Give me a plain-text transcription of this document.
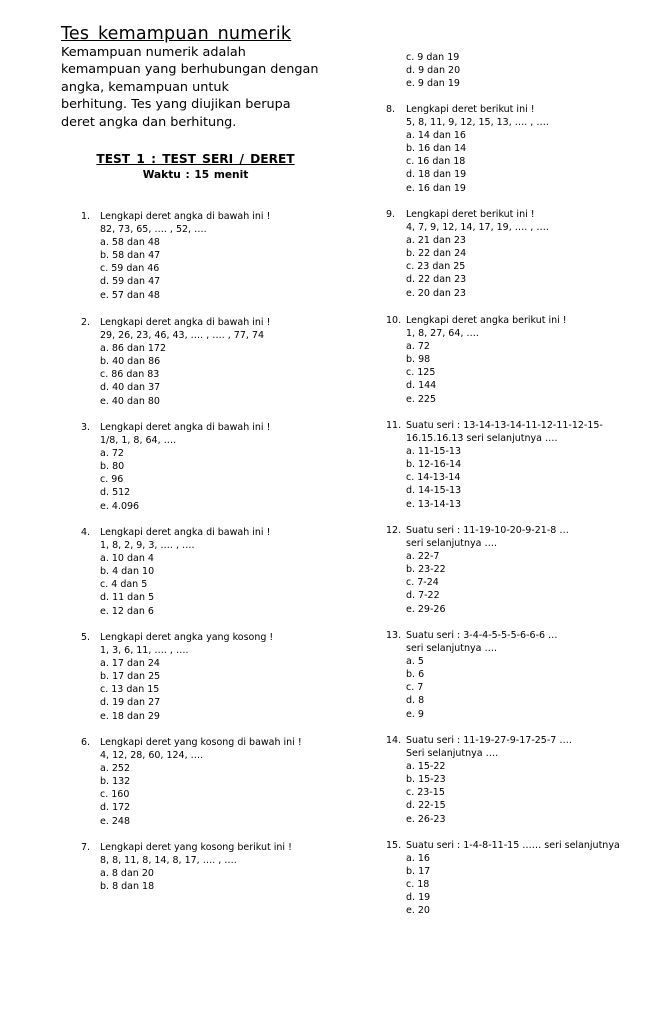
Tes kemampuan numerik
Kemampuan numerik adalah
kemampuan yang berhubungan dengan
angka, kemampuan untuk
berhitung. Tes yang diujikan berupa
deret angka dan berhitung.
TEST 1 : TEST SERI / DERET
Waktu : 15 menit
1. Lengkapi deret angka di bawah ini !
82, 73, 65, …. , 52, ….
a. 58 dan 48
b. 58 dan 47
c. 59 dan 46
d. 59 dan 47
e. 57 dan 48
2. Lengkapi deret angka di bawah ini !
29, 26, 23, 46, 43, …. , …. , 77, 74
a. 86 dan 172
b. 40 dan 86
c. 86 dan 83
d. 40 dan 37
e. 40 dan 80
3. Lengkapi deret angka di bawah ini !
1/8, 1, 8, 64, ….
a. 72
b. 80
c. 96
d. 512
e. 4.096
4. Lengkapi deret angka di bawah ini !
1, 8, 2, 9, 3, …. , ….
a. 10 dan 4
b. 4 dan 10
c. 4 dan 5
d. 11 dan 5
e. 12 dan 6
5. Lengkapi deret angka yang kosong !
1, 3, 6, 11, …. , ….
a. 17 dan 24
b. 17 dan 25
c. 13 dan 15
d. 19 dan 27
e. 18 dan 29
6. Lengkapi deret yang kosong di bawah ini !
4, 12, 28, 60, 124, ….
a. 252
b. 132
c. 160
d. 172
e. 248
7. Lengkapi deret yang kosong berikut ini !
8, 8, 11, 8, 14, 8, 17, …. , ….
a. 8 dan 20
b. 8 dan 18
c. 9 dan 19
d. 9 dan 20
e. 9 dan 19
8. Lengkapi deret berikut ini !
5, 8, 11, 9, 12, 15, 13, …. , ….
a. 14 dan 16
b. 16 dan 14
c. 16 dan 18
d. 18 dan 19
e. 16 dan 19
9. Lengkapi deret berikut ini !
4, 7, 9, 12, 14, 17, 19, …. , ….
a. 21 dan 23
b. 22 dan 24
c. 23 dan 25
d. 22 dan 23
e. 20 dan 23
10. Lengkapi deret angka berikut ini !
1, 8, 27, 64, ….
a. 72
b. 98
c. 125
d. 144
e. 225
11. Suatu seri : 13-14-13-14-11-12-11-12-15-
16.15.16.13 seri selanjutnya ….
a. 11-15-13
b. 12-16-14
c. 14-13-14
d. 14-15-13
e. 13-14-13
12. Suatu seri : 11-19-10-20-9-21-8 …
seri selanjutnya ….
a. 22-7
b. 23-22
c. 7-24
d. 7-22
e. 29-26
13. Suatu seri : 3-4-4-5-5-5-6-6-6 …
seri selanjutnya ….
a. 5
b. 6
c. 7
d. 8
e. 9
14. Suatu seri : 11-19-27-9-17-25-7 ….
Seri selanjutnya ….
a. 15-22
b. 15-23
c. 23-15
d. 22-15
e. 26-23
15. Suatu seri : 1-4-8-11-15 …… seri selanjutnya
a. 16
b. 17
c. 18
d. 19
e. 20
